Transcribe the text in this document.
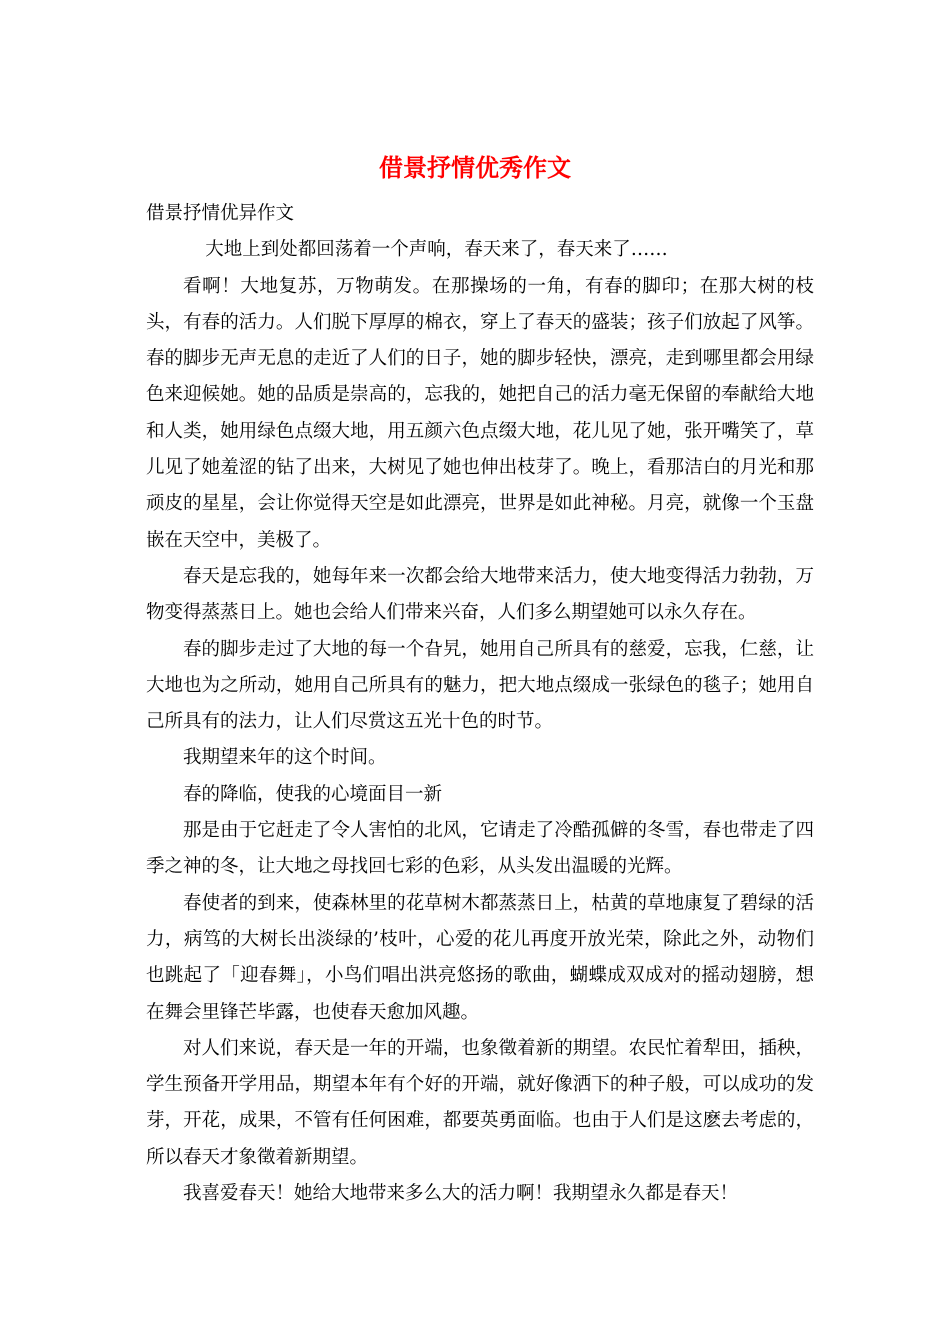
借景抒情优秀作文

借景抒情优异作文

大地上到处都回荡着一个声响，春天来了，春天来了……

看啊！大地复苏，万物萌发。在那操场的一角，有春的脚印；在那大树的枝头，有春的活力。人们脱下厚厚的棉衣，穿上了春天的盛装；孩子们放起了风筝。春的脚步无声无息的走近了人们的日子，她的脚步轻快，漂亮，走到哪里都会用绿色来迎候她。她的品质是崇高的，忘我的，她把自己的活力毫无保留的奉献给大地和人类，她用绿色点缀大地，用五颜六色点缀大地，花儿见了她，张开嘴笑了，草儿见了她羞涩的钻了出来，大树见了她也伸出枝芽了。晚上，看那洁白的月光和那顽皮的星星，会让你觉得天空是如此漂亮，世界是如此神秘。月亮，就像一个玉盘嵌在天空中，美极了。

春天是忘我的，她每年来一次都会给大地带来活力，使大地变得活力勃勃，万物变得蒸蒸日上。她也会给人们带来兴奋，人们多么期望她可以永久存在。

春的脚步走过了大地的每一个旮旯，她用自己所具有的慈爱，忘我，仁慈，让大地也为之所动，她用自己所具有的魅力，把大地点缀成一张绿色的毯子；她用自己所具有的法力，让人们尽赏这五光十色的时节。

我期望来年的这个时间。

春的降临，使我的心境面目一新

那是由于它赶走了令人害怕的北风，它请走了冷酷孤僻的冬雪，春也带走了四季之神的冬，让大地之母找回七彩的色彩，从头发出温暖的光辉。

春使者的到来，使森林里的花草树木都蒸蒸日上，枯黄的草地康复了碧绿的活力，病笃的大树长出淡绿的’枝叶，心爱的花儿再度开放光荣，除此之外，动物们也跳起了「迎春舞」，小鸟们唱出洪亮悠扬的歌曲，蝴蝶成双成对的摇动翅膀，想在舞会里锋芒毕露，也使春天愈加风趣。

对人们来说，春天是一年的开端，也象徵着新的期望。农民忙着犁田，插秧，学生预备开学用品，期望本年有个好的开端，就好像洒下的种子般，可以成功的发芽，开花，成果，不管有任何困难，都要英勇面临。也由于人们是这麽去考虑的，所以春天才象徵着新期望。

我喜爱春天！她给大地带来多么大的活力啊！我期望永久都是春天！
